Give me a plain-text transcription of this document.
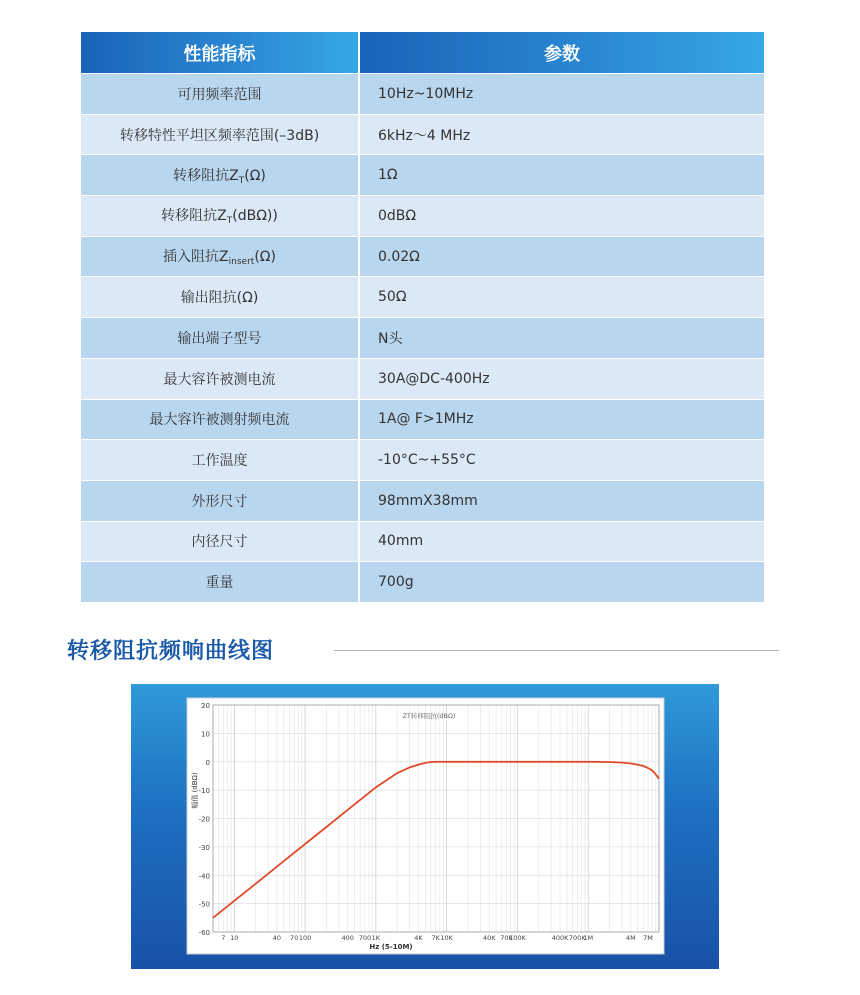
性能指标	参数
可用频率范围	10Hz~10MHz
转移特性平坦区频率范围(–3dB)	6kHz～4 MHz
转移阻抗$Z_T(\Omega)$	1Ω
转移阻抗$Z_T(dB\Omega)$)	0dBΩ
插入阻抗$Z_{insert}(\Omega)$	0.02Ω
输出阻抗(Ω)	50Ω
输出端子型号	N头
最大容许被测电流	30A@DC-400Hz
最大容许被测射频电流	1A@ F>1MHz
工作温度	-10°C~+55°C
外形尺寸	98mmX38mm
内径尺寸	40mm
重量	700g
转移阻抗频响曲线图
20
10
0
-10
-20
-30
-40
-50
-60
7 10	40 70 100	400 700 1K	4K 7K 10K	40K 70K
100K	400K 700K
1M	4M 7M
ZT转移阻抗(dBΩ)
Hz (5-10M)
幅值 (dBΩ)
